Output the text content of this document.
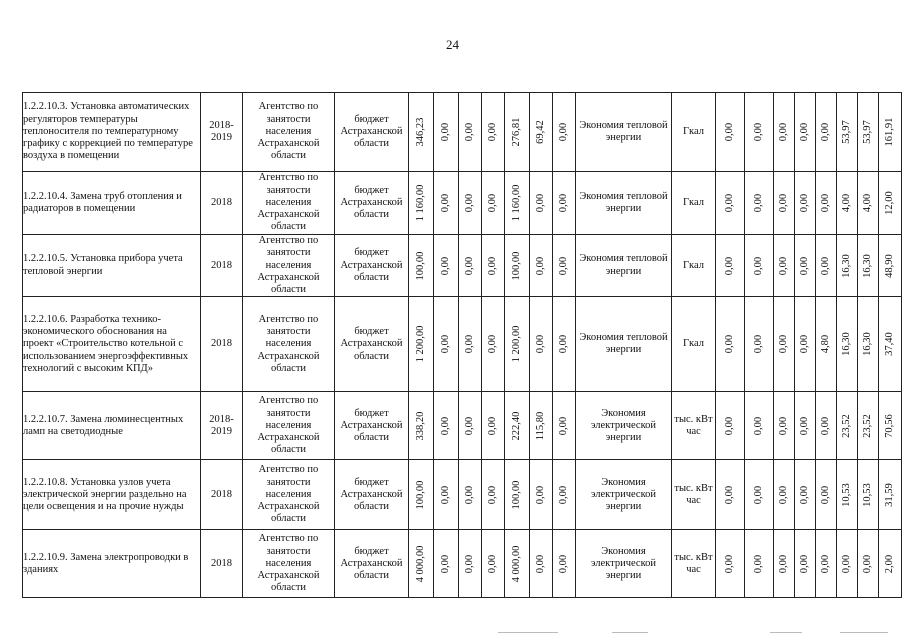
24
1.2.2.10.3. Установка автоматических регуляторов температуры теплоносителя по температурному графику с коррекцией по температуре воздуха в помещении	2018-2019	Агентство по занятости населения Астраханской области	бюджет Астраханской области	346,23	0,00	0,00	0,00	276,81	69,42	0,00	Экономия тепловой энергии	Гкал	0,00	0,00	0,00	0,00	0,00	53,97	53,97	161,91

1.2.2.10.4. Замена труб отопления и радиаторов в помещении	2018	Агентство по занятости населения Астраханской области	бюджет Астраханской области	1 160,00	0,00	0,00	0,00	1 160,00	0,00	0,00	Экономия тепловой энергии	Гкал	0,00	0,00	0,00	0,00	0,00	4,00	4,00	12,00

1.2.2.10.5. Установка прибора учета тепловой энергии	2018	Агентство по занятости населения Астраханской области	бюджет Астраханской области	100,00	0,00	0,00	0,00	100,00	0,00	0,00	Экономия тепловой энергии	Гкал	0,00	0,00	0,00	0,00	0,00	16,30	16,30	48,90

1.2.2.10.6. Разработка технико-экономического обоснования на проект «Строительство котельной с использованием энергоэффективных технологий с высоким КПД»	2018	Агентство по занятости населения Астраханской области	бюджет Астраханской области	1 200,00	0,00	0,00	0,00	1 200,00	0,00	0,00	Экономия тепловой энергии	Гкал	0,00	0,00	0,00	0,00	4,80	16,30	16,30	37,40

1.2.2.10.7. Замена люминесцентных ламп на светодиодные	2018-2019	Агентство по занятости населения Астраханской области	бюджет Астраханской области	338,20	0,00	0,00	0,00	222,40	115,80	0,00	Экономия электрической энергии	тыс. кВт час	0,00	0,00	0,00	0,00	0,00	23,52	23,52	70,56

1.2.2.10.8. Установка узлов учета электрической энергии раздельно на цели освещения и на прочие нужды	2018	Агентство по занятости населения Астраханской области	бюджет Астраханской области	100,00	0,00	0,00	0,00	100,00	0,00	0,00	Экономия электрической энергии	тыс. кВт час	0,00	0,00	0,00	0,00	0,00	10,53	10,53	31,59

1.2.2.10.9. Замена электропроводки в зданиях	2018	Агентство по занятости населения Астраханской области	бюджет Астраханской области	4 000,00	0,00	0,00	0,00	4 000,00	0,00	0,00	Экономия электрической энергии	тыс. кВт час	0,00	0,00	0,00	0,00	0,00	0,00	0,00	2,00
